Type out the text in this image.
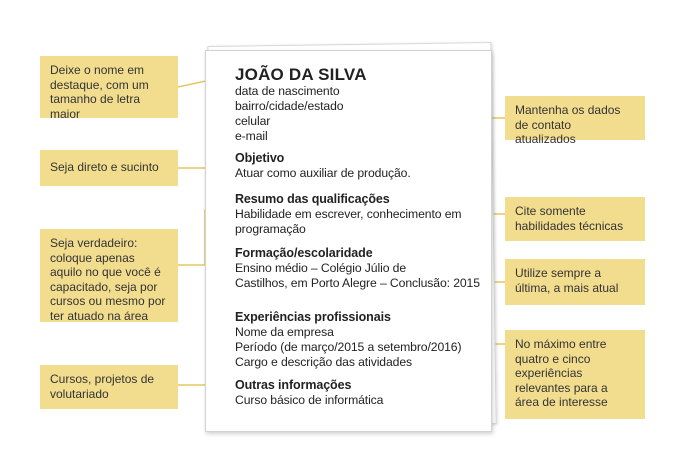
JOÃO DA SILVA
data de nascimento
bairro/cidade/estado
celular
e-mail
Objetivo
Atuar como auxiliar de produção.
Resumo das qualificações
Habilidade em escrever, conhecimento em
programação
Formação/escolaridade
Ensino médio – Colégio Júlio de
Castilhos, em Porto Alegre – Conclusão: 2015
Experiências profissionais
Nome da empresa
Período (de março/2015 a setembro/2016)
Cargo e descrição das atividades
Outras informações
Curso básico de informática
Deixe o nome em destaque, com um tamanho de letra maior
Seja direto e sucinto
Seja verdadeiro: coloque apenas aquilo no que você é capacitado, seja por cursos ou mesmo por ter atuado na área
Cursos, projetos de volutariado
Mantenha os dados de contato atualizados
Cite somente habilidades técnicas
Utilize sempre a última, a mais atual
No máximo entre quatro e cinco experiências relevantes para a área de interesse
